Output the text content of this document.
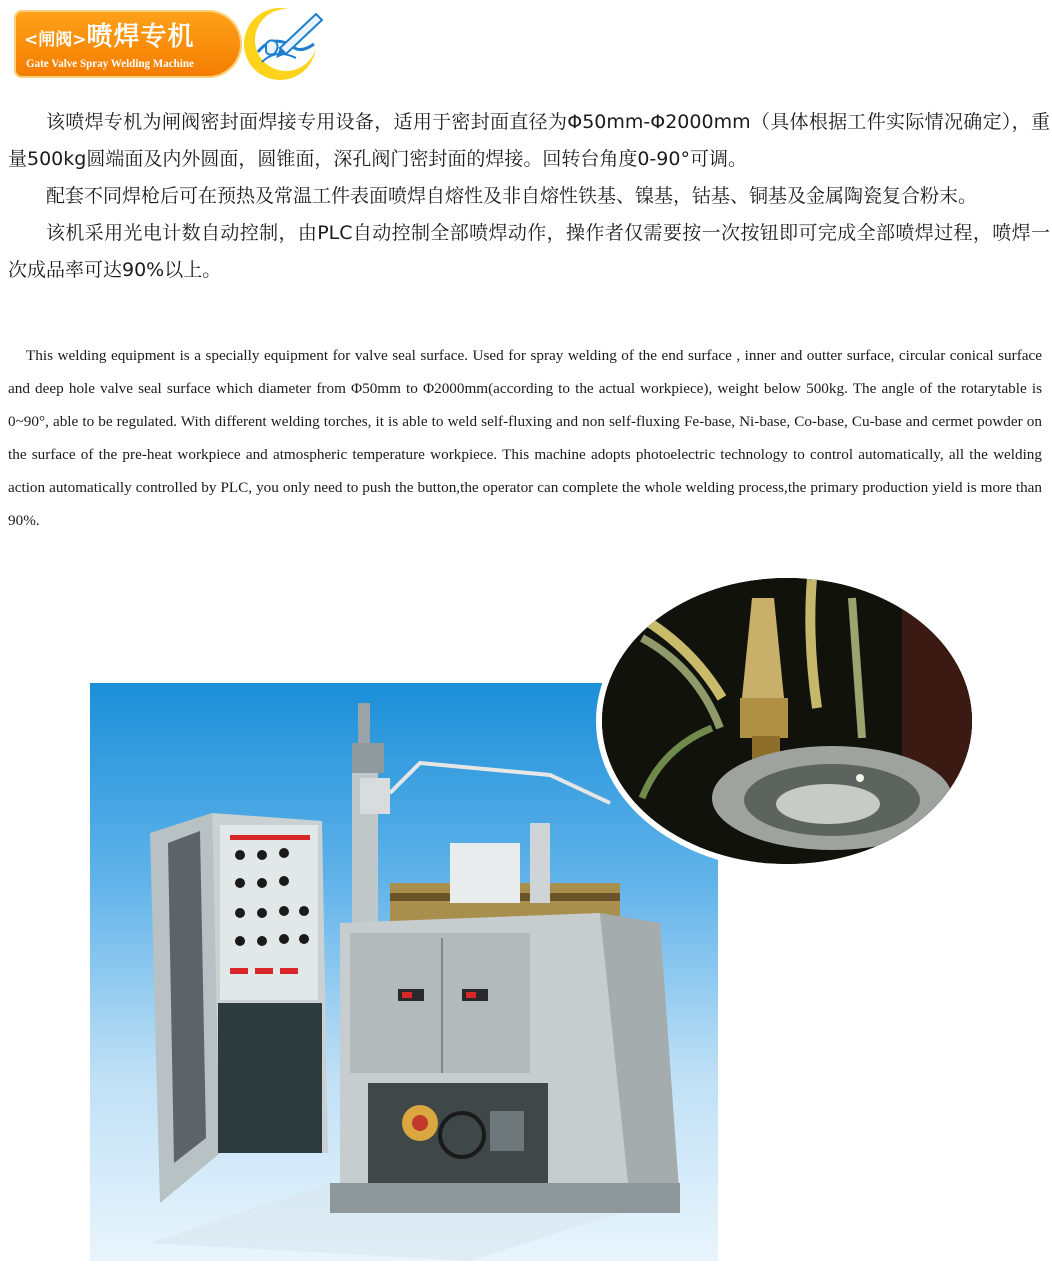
<闸阀>喷焊专机
Gate Valve Spray Welding Machine

该喷焊专机为闸阀密封面焊接专用设备，适用于密封面直径为Φ50mm-Φ2000mm（具体根据工件实际情况确定），重量500kg圆端面及内外圆面，圆锥面，深孔阀门密封面的焊接。回转台角度0-90°可调。

配套不同焊枪后可在预热及常温工件表面喷焊自熔性及非自熔性铁基、镍基，钴基、铜基及金属陶瓷复合粉末。

该机采用光电计数自动控制，由PLC自动控制全部喷焊动作，操作者仅需要按一次按钮即可完成全部喷焊过程，喷焊一次成品率可达90%以上。

This welding equipment is a specially equipment for valve seal surface. Used for spray welding of the end surface , inner and outter surface, circular conical surface and deep hole valve seal surface which diameter from Φ50mm to Φ2000mm(according to the actual workpiece), weight below 500kg. The angle of the rotarytable is 0~90°, able to be regulated. With different welding torches, it is able to weld self-fluxing and non self-fluxing Fe-base, Ni-base, Co-base, Cu-base and cermet powder on the surface of the pre-heat workpiece and atmospheric temperature workpiece. This machine adopts photoelectric technology to control automatically, all the welding action automatically controlled by PLC, you only need to push the button,the operator can complete the whole welding process,the primary production yield is more than 90%.
